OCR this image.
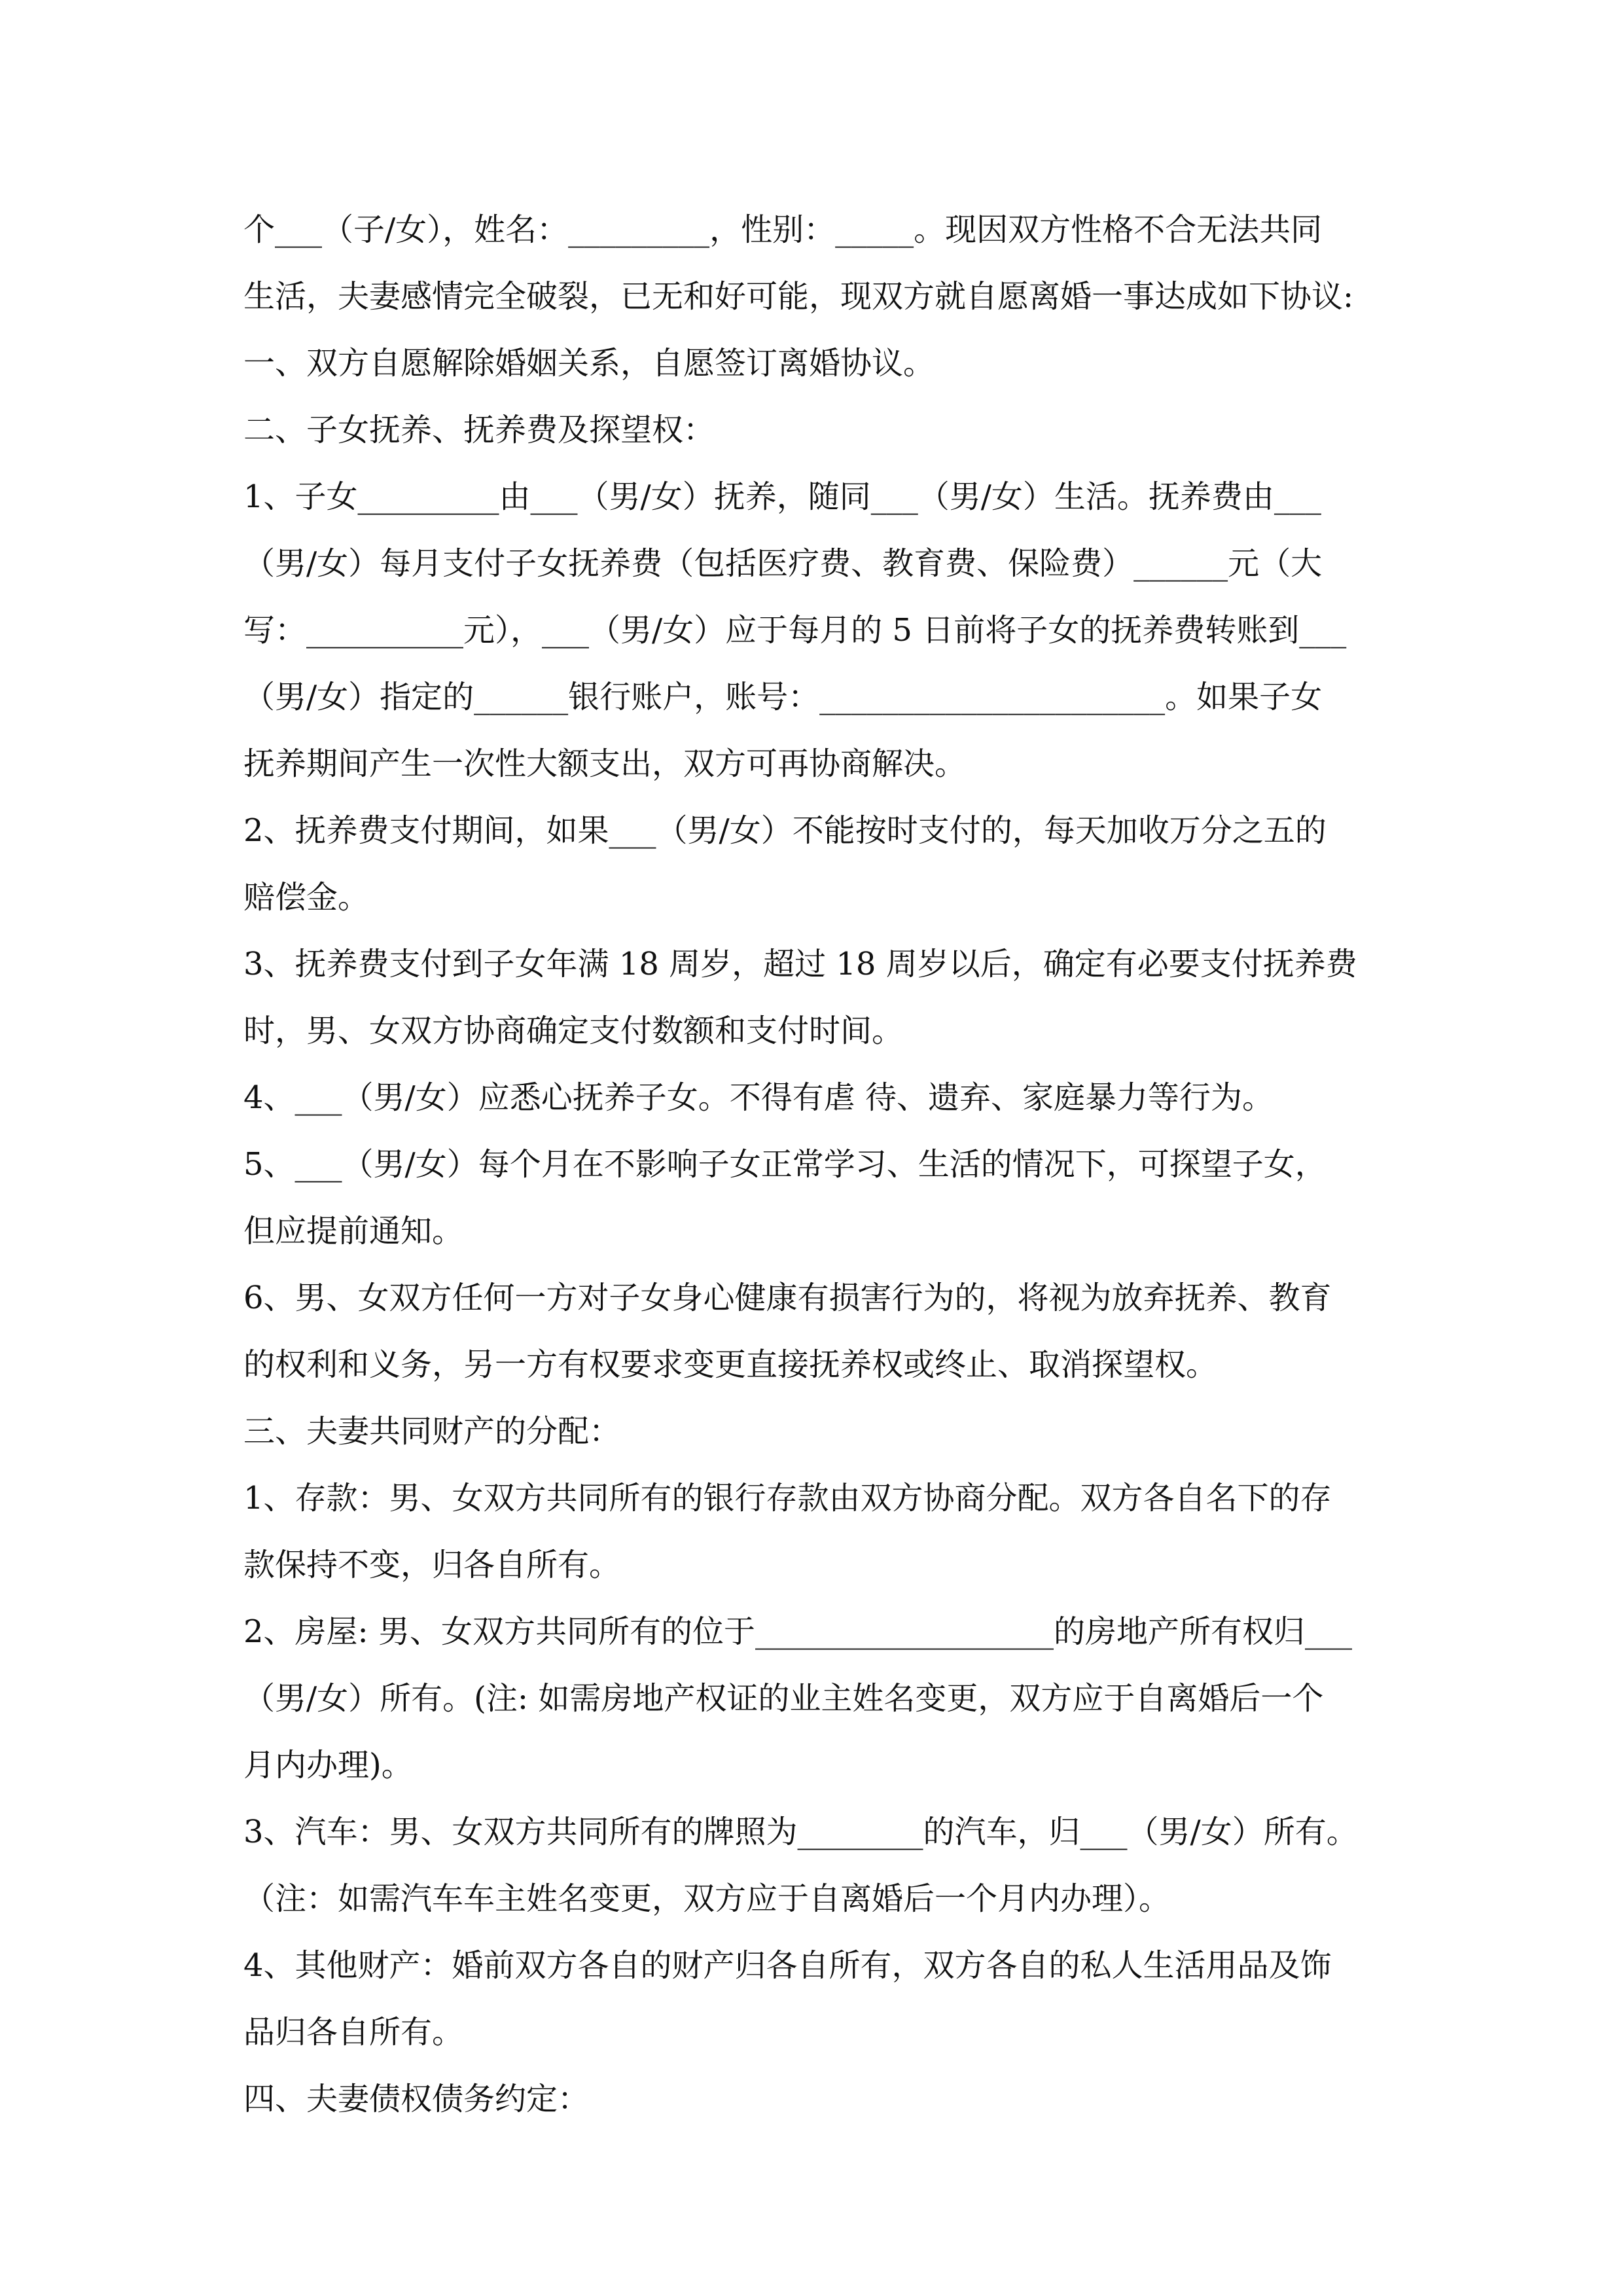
个___（子/女），姓名：_________，性别：_____。现因双方性格不合无法共同
生活，夫妻感情完全破裂，已无和好可能，现双方就自愿离婚一事达成如下协议:
一、双方自愿解除婚姻关系，自愿签订离婚协议。
二、子女抚养、抚养费及探望权：
1、子女_________由___（男/女）抚养，随同___（男/女）生活。抚养费由___
（男/女）每月支付子女抚养费（包括医疗费、教育费、保险费）______元（大
写：__________元），___（男/女）应于每月的 5 日前将子女的抚养费转账到___
（男/女）指定的______银行账户，账号：______________________。如果子女
抚养期间产生一次性大额支出，双方可再协商解决。
2、抚养费支付期间，如果___（男/女）不能按时支付的，每天加收万分之五的
赔偿金。
3、抚养费支付到子女年满 18 周岁，超过 18 周岁以后，确定有必要支付抚养费
时，男、女双方协商确定支付数额和支付时间。
4、___（男/女）应悉心抚养子女。不得有虐 待、遗弃、家庭暴力等行为。
5、___（男/女）每个月在不影响子女正常学习、生活的情况下，可探望子女，
但应提前通知。
6、男、女双方任何一方对子女身心健康有损害行为的，将视为放弃抚养、教育
的权利和义务，另一方有权要求变更直接抚养权或终止、取消探望权。
三、夫妻共同财产的分配：
1、存款：男、女双方共同所有的银行存款由双方协商分配。双方各自名下的存
款保持不变，归各自所有。
2、房屋: 男、女双方共同所有的位于___________________的房地产所有权归___
（男/女）所有。(注: 如需房地产权证的业主姓名变更，双方应于自离婚后一个
月内办理)。
3、汽车：男、女双方共同所有的牌照为________的汽车，归___（男/女）所有。
（注：如需汽车车主姓名变更，双方应于自离婚后一个月内办理）。
4、其他财产：婚前双方各自的财产归各自所有，双方各自的私人生活用品及饰
品归各自所有。
四、夫妻债权债务约定：
